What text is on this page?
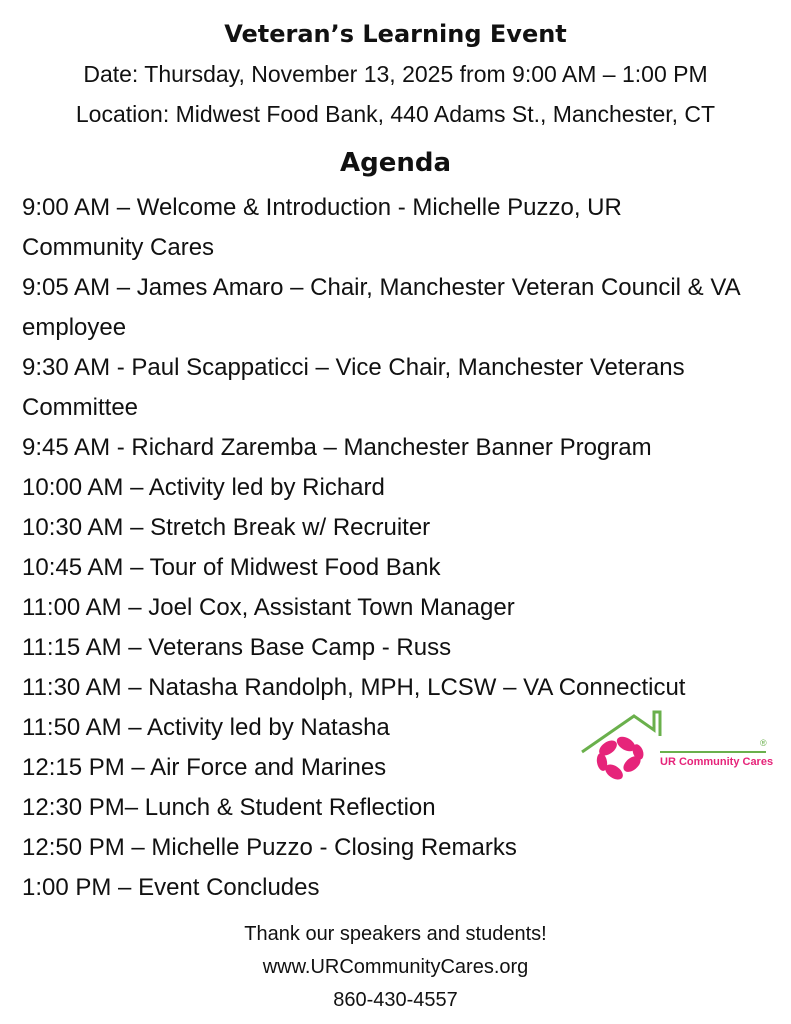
Veteran’s Learning Event
Date: Thursday, November 13, 2025 from 9:00 AM – 1:00 PM
Location: Midwest Food Bank, 440 Adams St., Manchester, CT
Agenda
9:00 AM – Welcome & Introduction - Michelle Puzzo, UR Community Cares
9:05 AM – James Amaro – Chair, Manchester Veteran Council & VA employee
9:30 AM - Paul Scappaticci – Vice Chair, Manchester Veterans Committee
9:45 AM - Richard Zaremba – Manchester Banner Program
10:00 AM – Activity led by Richard
10:30 AM – Stretch Break w/ Recruiter
10:45 AM – Tour of Midwest Food Bank
11:00 AM – Joel Cox, Assistant Town Manager
11:15 AM – Veterans Base Camp - Russ
11:30 AM – Natasha Randolph, MPH, LCSW – VA Connecticut
11:50 AM – Activity led by Natasha
12:15 PM – Air Force and Marines
12:30 PM– Lunch & Student Reflection
12:50 PM – Michelle Puzzo - Closing Remarks
1:00 PM – Event Concludes
®
UR Community Cares
Thank our speakers and students!
www.URCommunityCares.org
860-430-4557
